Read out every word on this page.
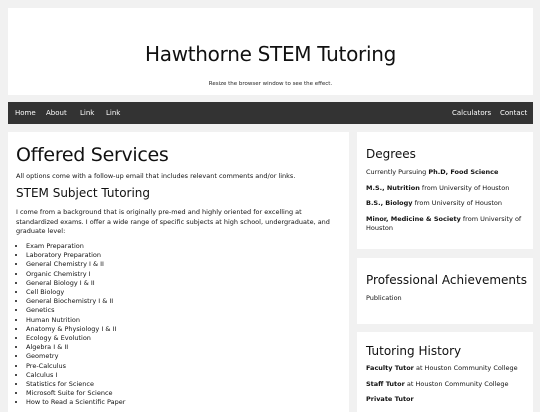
Hawthorne STEM Tutoring

Resize the browser window to see the effect.

Home About Link Link	Calculators Contact
Offered Services

All options come with a follow-up email that includes relevant comments and/or links.

STEM Subject Tutoring

I come from a background that is originally pre-med and highly oriented for excelling at standardized exams. I offer a wide range of specific subjects at high school, undergraduate, and graduate level:

• Exam Preparation
• Laboratory Preparation
• General Chemistry I & II
• Organic Chemistry I
• General Biology I & II
• Cell Biology
• General Biochemistry I & II
• Genetics
• Human Nutrition
• Anatomy & Physiology I & II
• Ecology & Evolution
• Algebra I & II
• Geometry
• Pre-Calculus
• Calculus I
• Statistics for Science
• Microsoft Suite for Science
• How to Read a Scientific Paper
Degrees
Currently Pursuing Ph.D, Food Science
M.S., Nutrition from University of Houston
B.S., Biology from University of Houston
Minor, Medicine & Society from University of Houston
Professional Achievements
Publication
Tutoring History
Faculty Tutor at Houston Community College
Staff Tutor at Houston Community College
Private Tutor
